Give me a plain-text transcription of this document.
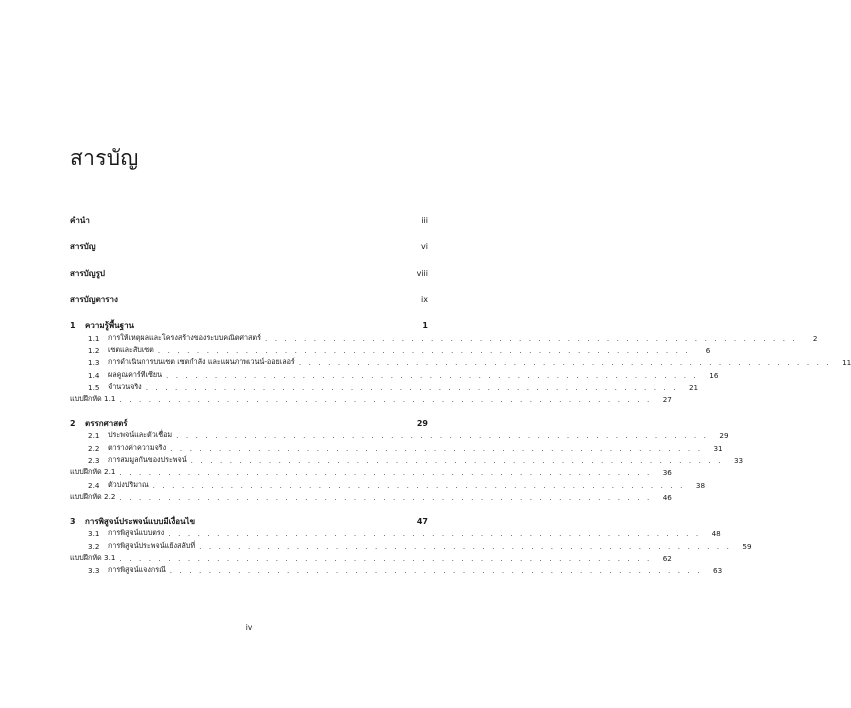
สารบัญ
คำนำ	iii
สารบัญ	vi
สารบัญรูป	viii
สารบัญตาราง	ix
1	ความรู้พื้นฐาน	1
1.1	การให้เหตุผลและโครงสร้างของระบบคณิตศาสตร์ . . . . . . . . . . . . . . . . . . . . . . . . . . . . . . . . . . . . . . . . . . . . . . . . . . . . . . .	2
1.2	เซตและสับเซต . . . . . . . . . . . . . . . . . . . . . . . . . . . . . . . . . . . . . . . . . . . . . . . . . . . . . . .	6
1.3	การดำเนินการบนเซต เซตกำลัง และแผนภาพเวนน์-ออยเลอร์ . . . . . . . . . . . . . . . . . . . . . . . . . . . . . . . . . . . . . . . . . . . . . . . . . . . . . . .	11
1.4	ผลคูณคาร์ทีเซียน . . . . . . . . . . . . . . . . . . . . . . . . . . . . . . . . . . . . . . . . . . . . . . . . . . . . . . .	16
1.5	จำนวนจริง . . . . . . . . . . . . . . . . . . . . . . . . . . . . . . . . . . . . . . . . . . . . . . . . . . . . . . .	21
แบบฝึกหัด 1.1 . . . . . . . . . . . . . . . . . . . . . . . . . . . . . . . . . . . . . . . . . . . . . . . . . . . . . . .	27
2	ตรรกศาสตร์	29
2.1	ประพจน์และตัวเชื่อม . . . . . . . . . . . . . . . . . . . . . . . . . . . . . . . . . . . . . . . . . . . . . . . . . . . . . . .	29
2.2	ตารางค่าความจริง . . . . . . . . . . . . . . . . . . . . . . . . . . . . . . . . . . . . . . . . . . . . . . . . . . . . . . .	31
2.3	การสมมูลกันของประพจน์ . . . . . . . . . . . . . . . . . . . . . . . . . . . . . . . . . . . . . . . . . . . . . . . . . . . . . . .	33
แบบฝึกหัด 2.1 . . . . . . . . . . . . . . . . . . . . . . . . . . . . . . . . . . . . . . . . . . . . . . . . . . . . . . .	36
2.4	ตัวบ่งปริมาณ . . . . . . . . . . . . . . . . . . . . . . . . . . . . . . . . . . . . . . . . . . . . . . . . . . . . . . .	38
แบบฝึกหัด 2.2 . . . . . . . . . . . . . . . . . . . . . . . . . . . . . . . . . . . . . . . . . . . . . . . . . . . . . . .	46
3	การพิสูจน์ประพจน์แบบมีเงื่อนไข	47
3.1	การพิสูจน์แบบตรง . . . . . . . . . . . . . . . . . . . . . . . . . . . . . . . . . . . . . . . . . . . . . . . . . . . . . . .	48
3.2	การพิสูจน์ประพจน์แย้งสลับที่ . . . . . . . . . . . . . . . . . . . . . . . . . . . . . . . . . . . . . . . . . . . . . . . . . . . . . . .	59
แบบฝึกหัด 3.1 . . . . . . . . . . . . . . . . . . . . . . . . . . . . . . . . . . . . . . . . . . . . . . . . . . . . . . .	62
3.3	การพิสูจน์แจงกรณี . . . . . . . . . . . . . . . . . . . . . . . . . . . . . . . . . . . . . . . . . . . . . . . . . . . . . . .	63
iv
